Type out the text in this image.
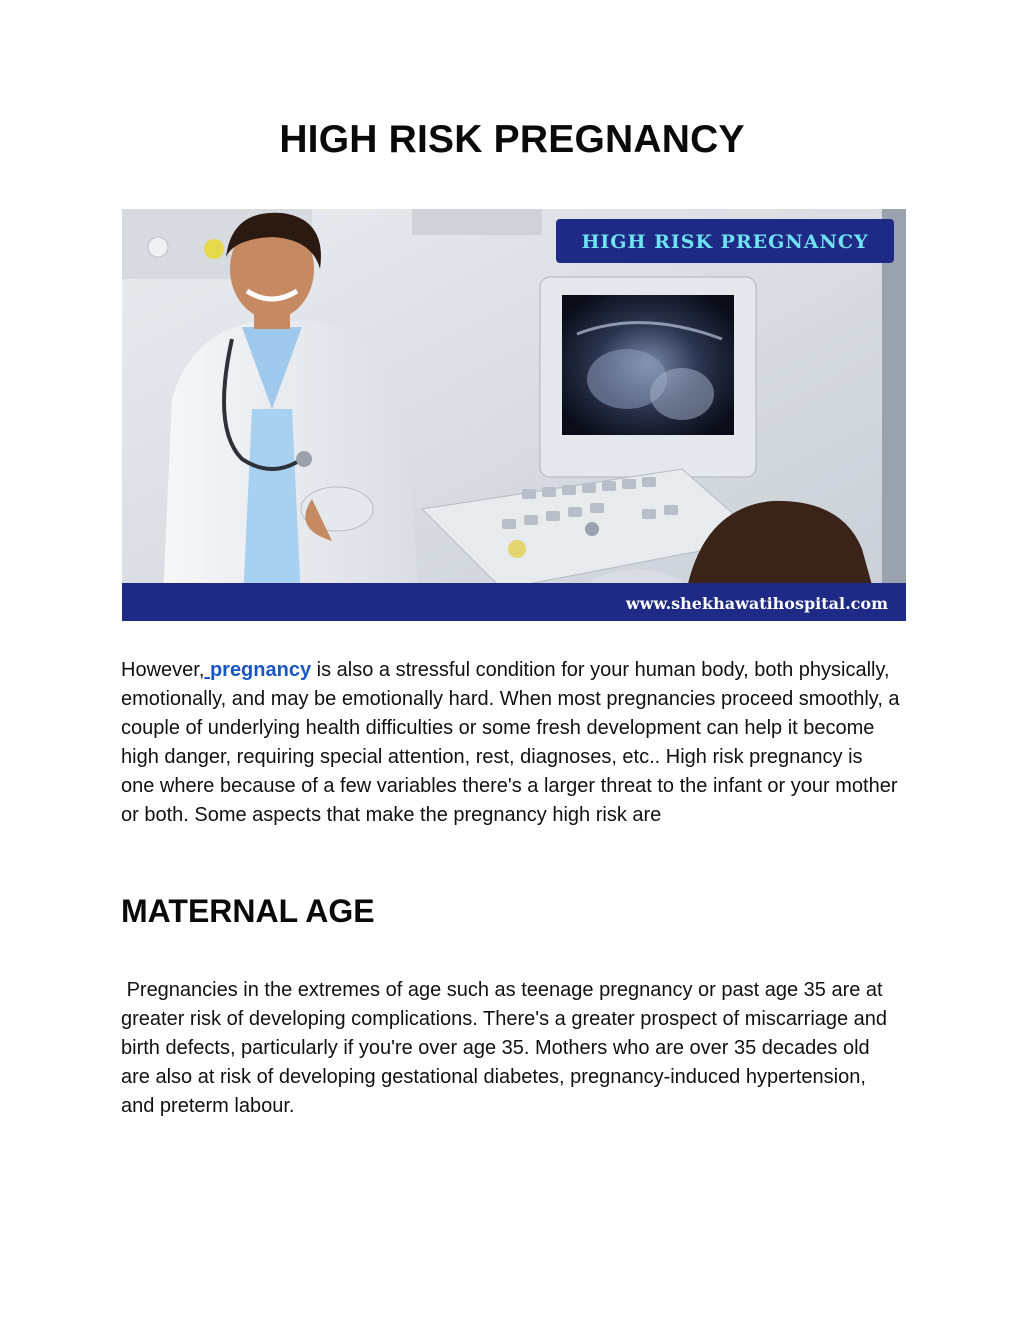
HIGH RISK PREGNANCY
HIGH RISK PREGNANCY
www.shekhawatihospital.com

However, pregnancy is also a stressful condition for your human body, both physically, emotionally, and may be emotionally hard. When most pregnancies proceed smoothly, a couple of underlying health difficulties or some fresh development can help it become high danger, requiring special attention, rest, diagnoses, etc.. High risk pregnancy is one where because of a few variables there's a larger threat to the infant or your mother or both. Some aspects that make the pregnancy high risk are

MATERNAL AGE

Pregnancies in the extremes of age such as teenage pregnancy or past age 35 are at greater risk of developing complications. There's a greater prospect of miscarriage and birth defects, particularly if you're over age 35. Mothers who are over 35 decades old are also at risk of developing gestational diabetes, pregnancy-induced hypertension, and preterm labour.
